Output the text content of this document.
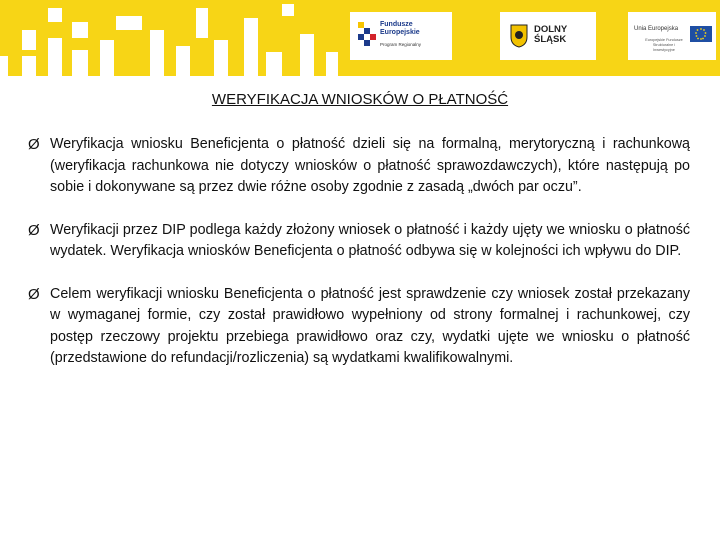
Fundusze
Europejskie
Program Regionalny
DOLNY
ŚLĄSK
Unia Europejska
Europejskie Fundusze Strukturalne i Inwestycyjne
WERYFIKACJA WNIOSKÓW O PŁATNOŚĆ
Ø Weryfikacja wniosku Beneficjenta o płatność dzieli się na formalną, merytoryczną i rachunkową (weryfikacja rachunkowa nie dotyczy wniosków o płatność sprawozdawczych), które następują po sobie i dokonywane są przez dwie różne osoby zgodnie z zasadą „dwóch par oczu”.
Ø Weryfikacji przez DIP podlega każdy złożony wniosek o płatność i każdy ujęty we wniosku o płatność wydatek. Weryfikacja wniosków Beneficjenta o płatność odbywa się w kolejności ich wpływu do DIP.
Ø Celem weryfikacji wniosku Beneficjenta o płatność jest sprawdzenie czy wniosek został przekazany w wymaganej formie, czy został prawidłowo wypełniony od strony formalnej i rachunkowej, czy postęp rzeczowy projektu przebiega prawidłowo oraz czy, wydatki ujęte we wniosku o płatność (przedstawione do refundacji/rozliczenia) są wydatkami kwalifikowalnymi.
